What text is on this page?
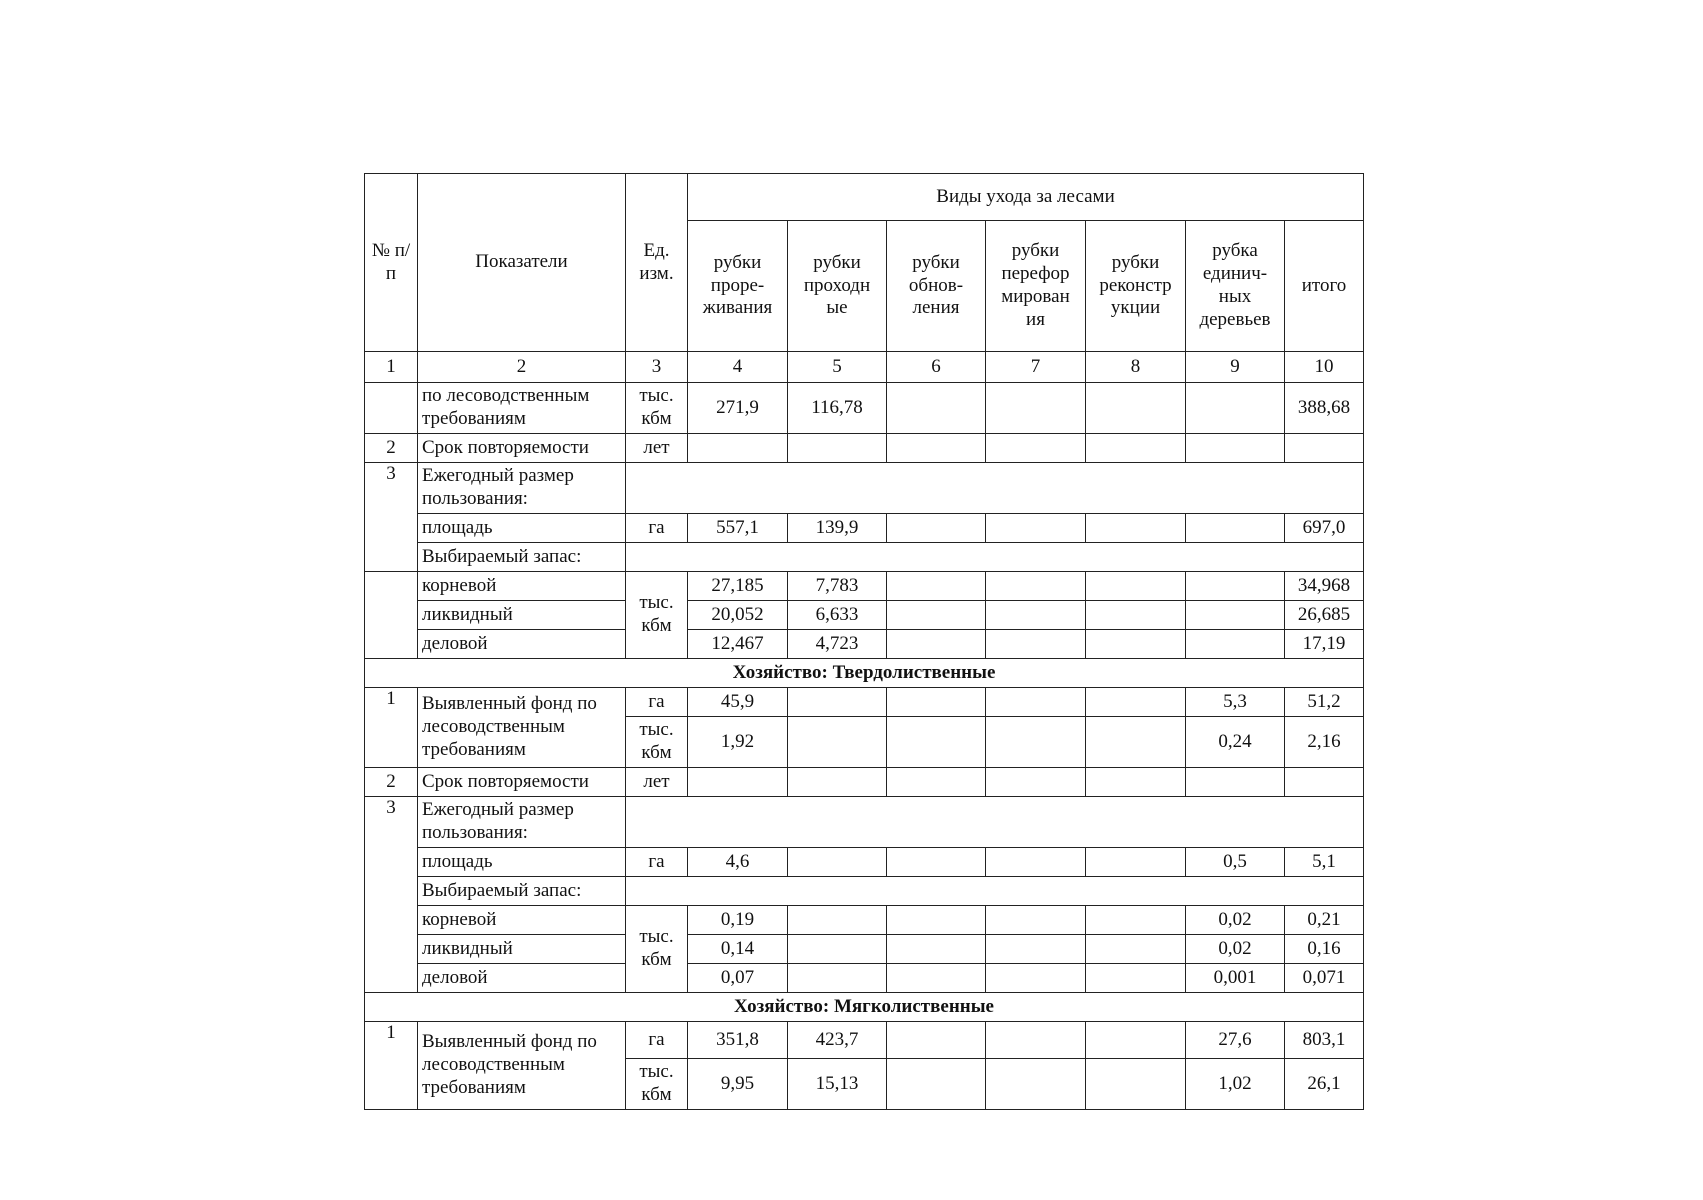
№ п/п	Показатели	Ед. изм.	Виды ухода за лесами						
			рубки проре-живания	рубки проходн ые	рубки обнов-ления	рубки перефор мирован ия	рубки реконстр укции	рубка единич-ных деревьев	итого
1	2	3	4	5	6	7	8	9	10
	по лесоводственным требованиям	тыс. кбм	271,9	116,78					388,68
2	Срок повторяемости	лет							
3	Ежегодный размер пользования:								
	площадь	га	557,1	139,9					697,0
	Выбираемый запас:								
	корневой	тыс. кбм	27,185	7,783					34,968
	ликвидный		20,052	6,633					26,685
	деловой		12,467	4,723					17,19
Хозяйство: Твердолиственные									
1	Выявленный фонд по лесоводственным требованиям	га	45,9					5,3	51,2
		тыс. кбм	1,92					0,24	2,16
2	Срок повторяемости	лет							
3	Ежегодный размер пользования:								
	площадь	га	4,6					0,5	5,1
	Выбираемый запас:								
	корневой	тыс. кбм	0,19					0,02	0,21
	ликвидный		0,14					0,02	0,16
	деловой		0,07					0,001	0,071
Хозяйство: Мягколиственные									
1	Выявленный фонд по лесоводственным требованиям	га	351,8	423,7				27,6	803,1
		тыс. кбм	9,95	15,13				1,02	26,1
